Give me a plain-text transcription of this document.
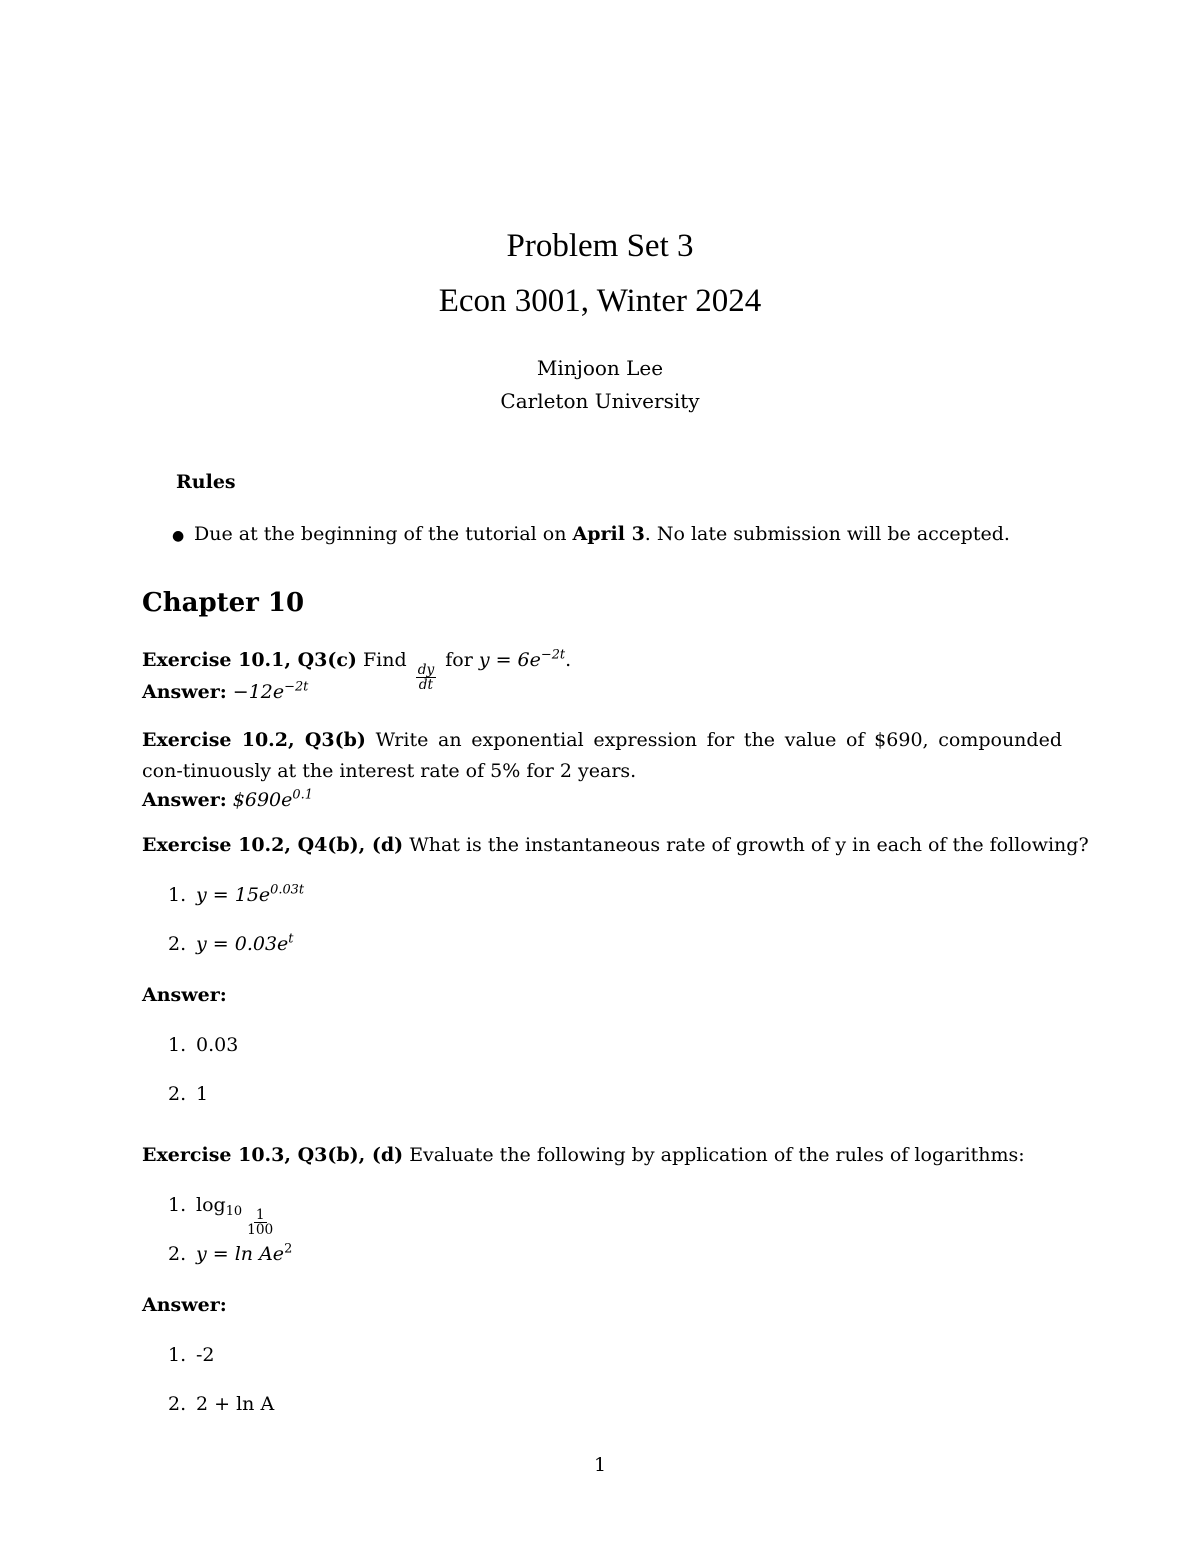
Problem Set 3
Econ 3001, Winter 2024
Minjoon Lee
Carleton University
Rules
● Due at the beginning of the tutorial on April 3. No late submission will be accepted.
Chapter 10
Exercise 10.1, Q3(c) Find
$\frac{dy}{dt}$
for $y = 6e^{-2t}$.
Answer: $-12e^{-2t}$
Exercise 10.2, Q3(b) Write an exponential expression for the value of $690, compounded con-tinuously at the interest rate of 5% for 2 years.
Answer: $\$690e^{0.1}$
Exercise 10.2, Q4(b), (d) What is the instantaneous rate of growth of y in each of the following?
1. $y = 15e^{0.03t}$
2. $y = 0.03e^t$
Answer:
1. 0.03
2. 1
Exercise 10.3, Q3(b), (d) Evaluate the following by application of the rules of logarithms:
1. $\log_{10} \frac{1}{100}$
2. y = ln Ae$^2$
Answer:
1. -2
2. 2 + ln A
1
